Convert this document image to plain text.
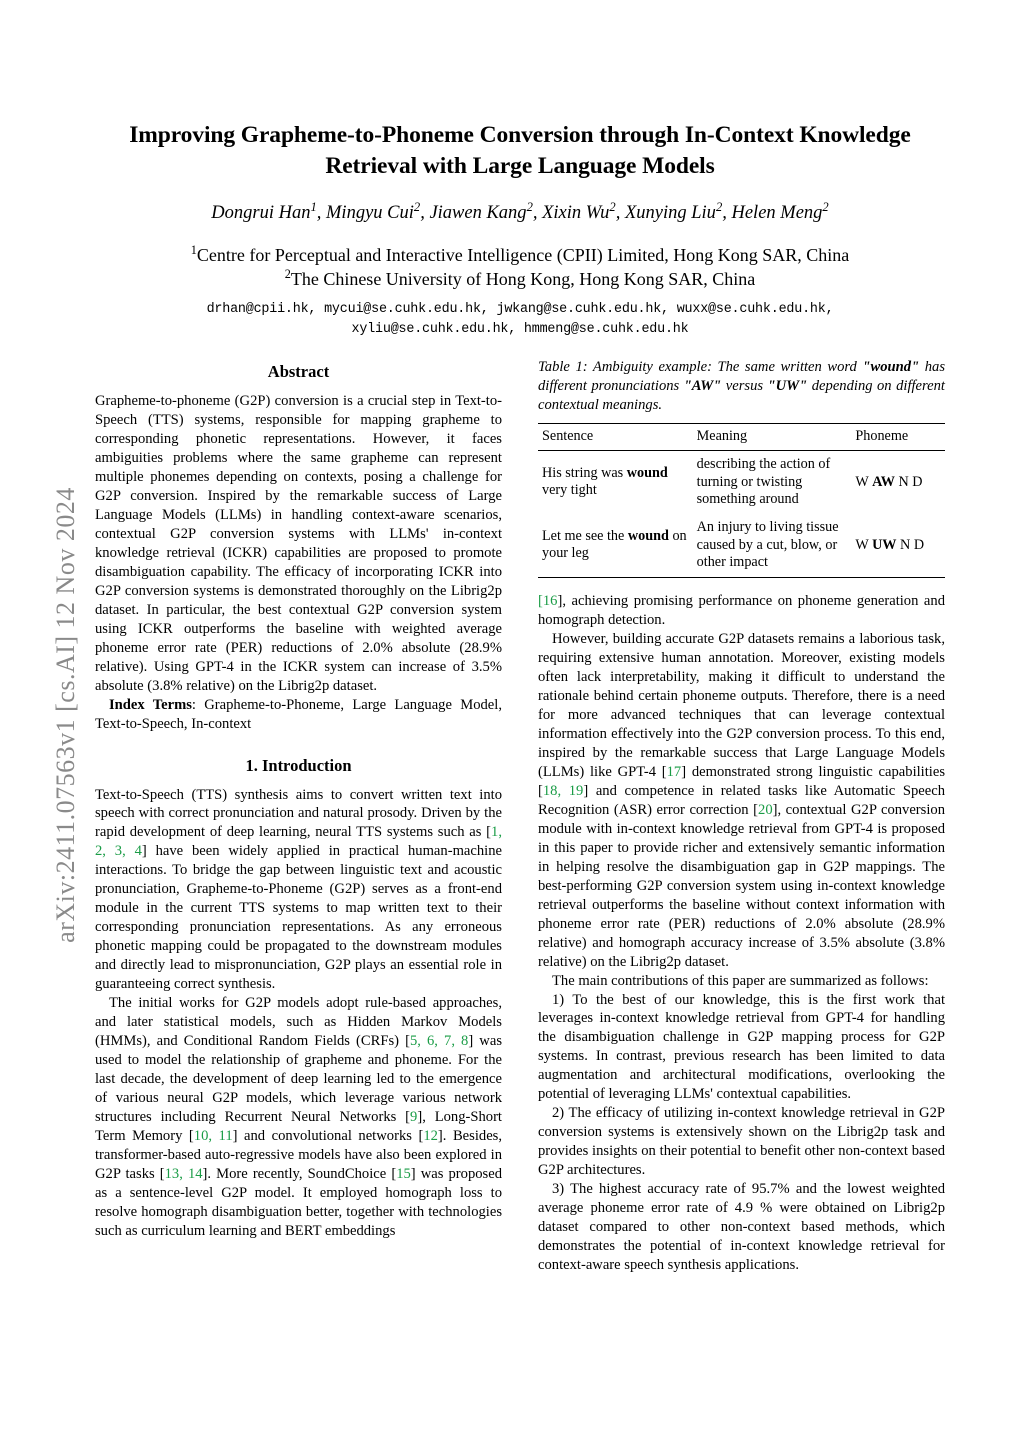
arXiv:2411.07563v1 [cs.AI] 12 Nov 2024
Improving Grapheme-to-Phoneme Conversion through In-Context Knowledge Retrieval with Large Language Models
Dongrui Han$^1$, Mingyu Cui$^2$, Jiawen Kang$^2$, Xixin Wu$^2$, Xunying Liu$^2$, Helen Meng$^2$
$^1$Centre for Perceptual and Interactive Intelligence (CPII) Limited, Hong Kong SAR, China
$^2$The Chinese University of Hong Kong, Hong Kong SAR, China
drhan@cpii.hk, mycui@se.cuhk.edu.hk, jwkang@se.cuhk.edu.hk, wuxx@se.cuhk.edu.hk,
xyliu@se.cuhk.edu.hk, hmmeng@se.cuhk.edu.hk
Abstract

Grapheme-to-phoneme (G2P) conversion is a crucial step in Text-to-Speech (TTS) systems, responsible for mapping grapheme to corresponding phonetic representations. However, it faces ambiguities problems where the same grapheme can represent multiple phonemes depending on contexts, posing a challenge for G2P conversion. Inspired by the remarkable success of Large Language Models (LLMs) in handling context-aware scenarios, contextual G2P conversion systems with LLMs' in-context knowledge retrieval (ICKR) capabilities are proposed to promote disambiguation capability. The efficacy of incorporating ICKR into G2P conversion systems is demonstrated thoroughly on the Librig2p dataset. In particular, the best contextual G2P conversion system using ICKR outperforms the baseline with weighted average phoneme error rate (PER) reductions of 2.0% absolute (28.9% relative). Using GPT-4 in the ICKR system can increase of 3.5% absolute (3.8% relative) on the Librig2p dataset.

Index Terms: Grapheme-to-Phoneme, Large Language Model, Text-to-Speech, In-context

1. Introduction

Text-to-Speech (TTS) synthesis aims to convert written text into speech with correct pronunciation and natural prosody. Driven by the rapid development of deep learning, neural TTS systems such as [1, 2, 3, 4] have been widely applied in practical human-machine interactions. To bridge the gap between linguistic text and acoustic pronunciation, Grapheme-to-Phoneme (G2P) serves as a front-end module in the current TTS systems to map written text to their corresponding pronunciation representations. As any erroneous phonetic mapping could be propagated to the downstream modules and directly lead to mispronunciation, G2P plays an essential role in guaranteeing correct synthesis.

The initial works for G2P models adopt rule-based approaches, and later statistical models, such as Hidden Markov Models (HMMs), and Conditional Random Fields (CRFs) [5, 6, 7, 8] was used to model the relationship of grapheme and phoneme. For the last decade, the development of deep learning led to the emergence of various neural G2P models, which leverage various network structures including Recurrent Neural Networks [9], Long-Short Term Memory [10, 11] and convolutional networks [12]. Besides, transformer-based auto-regressive models have also been explored in G2P tasks [13, 14]. More recently, SoundChoice [15] was proposed as a sentence-level G2P model. It employed homograph loss to resolve homograph disambiguation better, together with technologies such as curriculum learning and BERT embeddings

Table 1: Ambiguity example: The same written word "wound" has different pronunciations "AW" versus "UW" depending on different contextual meanings.
Sentence	Meaning	Phoneme
His string was wound very tight	describing the action of turning or twisting something around	W AW N D
Let me see the wound on your leg	An injury to living tissue caused by a cut, blow, or other impact	W UW N D

[16], achieving promising performance on phoneme generation and homograph detection.

However, building accurate G2P datasets remains a laborious task, requiring extensive human annotation. Moreover, existing models often lack interpretability, making it difficult to understand the rationale behind certain phoneme outputs. Therefore, there is a need for more advanced techniques that can leverage contextual information effectively into the G2P conversion process. To this end, inspired by the remarkable success that Large Language Models (LLMs) like GPT-4 [17] demonstrated strong linguistic capabilities [18, 19] and competence in related tasks like Automatic Speech Recognition (ASR) error correction [20], contextual G2P conversion module with in-context knowledge retrieval from GPT-4 is proposed in this paper to provide richer and extensively semantic information in helping resolve the disambiguation gap in G2P mappings. The best-performing G2P conversion system using in-context knowledge retrieval outperforms the baseline without context information with phoneme error rate (PER) reductions of 2.0% absolute (28.9% relative) and homograph accuracy increase of 3.5% absolute (3.8% relative) on the Librig2p dataset.

The main contributions of this paper are summarized as follows:

1) To the best of our knowledge, this is the first work that leverages in-context knowledge retrieval from GPT-4 for handling the disambiguation challenge in G2P mapping process for G2P systems. In contrast, previous research has been limited to data augmentation and architectural modifications, overlooking the potential of leveraging LLMs' contextual capabilities.

2) The efficacy of utilizing in-context knowledge retrieval in G2P conversion systems is extensively shown on the Librig2p task and provides insights on their potential to benefit other non-context based G2P architectures.

3) The highest accuracy rate of 95.7% and the lowest weighted average phoneme error rate of 4.9 % were obtained on Librig2p dataset compared to other non-context based methods, which demonstrates the potential of in-context knowledge retrieval for context-aware speech synthesis applications.
